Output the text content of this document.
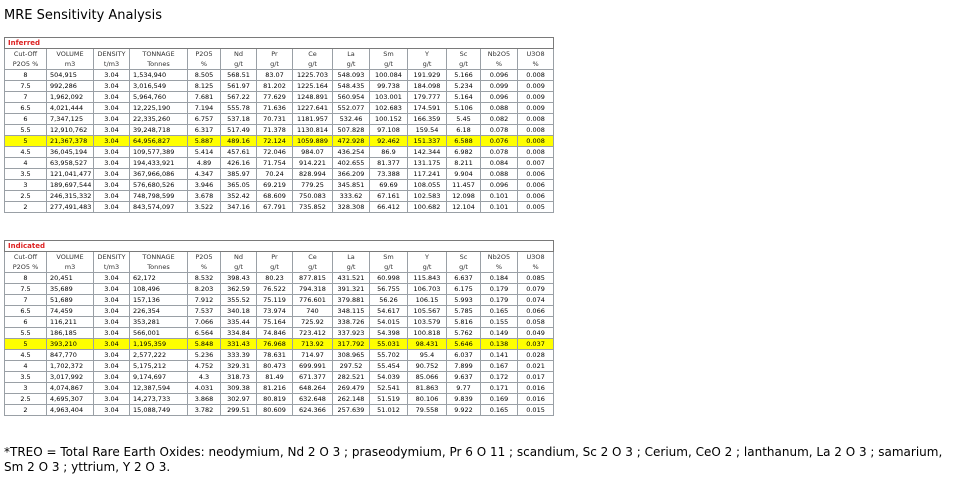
MRE Sensitivity Analysis
Inferred													
Cut-Off	VOLUME	DENSITY	TONNAGE	P2O5	Nd	Pr	Ce	La	Sm	Y	Sc	Nb2O5	U3O8
P2O5 %	m3	t/m3	Tonnes	%	g/t	g/t	g/t	g/t	g/t	g/t	g/t	%	%
8	504,915	3.04	1,534,940	8.505	568.51	83.07	1225.703	548.093	100.084	191.929	5.166	0.096	0.008
7.5	992,286	3.04	3,016,549	8.125	561.97	81.202	1225.164	548.435	99.738	184.098	5.234	0.099	0.009
7	1,962,092	3.04	5,964,760	7.681	567.22	77.629	1248.891	560.954	103.001	179.777	5.164	0.096	0.009
6.5	4,021,444	3.04	12,225,190	7.194	555.78	71.636	1227.641	552.077	102.683	174.591	5.106	0.088	0.009
6	7,347,125	3.04	22,335,260	6.757	537.18	70.731	1181.957	532.46	100.152	166.359	5.45	0.082	0.008
5.5	12,910,762	3.04	39,248,718	6.317	517.49	71.378	1130.814	507.828	97.108	159.54	6.18	0.078	0.008
5	21,367,378	3.04	64,956,827	5.887	489.16	72.124	1059.889	472.928	92.462	151.337	6.588	0.076	0.008
4.5	36,045,194	3.04	109,577,389	5.414	457.61	72.046	984.07	436.254	86.9	142.344	6.982	0.078	0.008
4	63,958,527	3.04	194,433,921	4.89	426.16	71.754	914.221	402.655	81.377	131.175	8.211	0.084	0.007
3.5	121,041,477	3.04	367,966,086	4.347	385.97	70.24	828.994	366.209	73.388	117.241	9.904	0.088	0.006
3	189,697,544	3.04	576,680,526	3.946	365.05	69.219	779.25	345.851	69.69	108.055	11.457	0.096	0.006
2.5	246,315,332	3.04	748,798,599	3.678	352.42	68.609	750.083	333.62	67.161	102.583	12.098	0.101	0.006
2	277,491,483	3.04	843,574,097	3.522	347.16	67.791	735.852	328.308	66.412	100.682	12.104	0.101	0.005
Indicated													
Cut-Off	VOLUME	DENSITY	TONNAGE	P2O5	Nd	Pr	Ce	La	Sm	Y	Sc	Nb2O5	U3O8
P2O5 %	m3	t/m3	Tonnes	%	g/t	g/t	g/t	g/t	g/t	g/t	g/t	%	%
8	20,451	3.04	62,172	8.532	398.43	80.23	877.815	431.521	60.998	115.843	6.637	0.184	0.085
7.5	35,689	3.04	108,496	8.203	362.59	76.522	794.318	391.321	56.755	106.703	6.175	0.179	0.079
7	51,689	3.04	157,136	7.912	355.52	75.119	776.601	379.881	56.26	106.15	5.993	0.179	0.074
6.5	74,459	3.04	226,354	7.537	340.18	73.974	740	348.115	54.617	105.567	5.785	0.165	0.066
6	116,211	3.04	353,281	7.066	335.44	75.164	725.92	338.726	54.015	103.579	5.816	0.155	0.058
5.5	186,185	3.04	566,001	6.564	334.84	74.846	723.412	337.923	54.398	100.818	5.762	0.149	0.049
5	393,210	3.04	1,195,359	5.848	331.43	76.968	713.92	317.792	55.031	98.431	5.646	0.138	0.037
4.5	847,770	3.04	2,577,222	5.236	333.39	78.631	714.97	308.965	55.702	95.4	6.037	0.141	0.028
4	1,702,372	3.04	5,175,212	4.752	329.31	80.473	699.991	297.52	55.454	90.752	7.899	0.167	0.021
3.5	3,017,992	3.04	9,174,697	4.3	318.73	81.49	671.377	282.521	54.039	85.066	9.637	0.172	0.017
3	4,074,867	3.04	12,387,594	4.031	309.38	81.216	648.264	269.479	52.541	81.863	9.77	0.171	0.016
2.5	4,695,307	3.04	14,273,733	3.868	302.97	80.819	632.648	262.148	51.519	80.106	9.839	0.169	0.016
2	4,963,404	3.04	15,088,749	3.782	299.51	80.609	624.366	257.639	51.012	79.558	9.922	0.165	0.015
*TREO = Total Rare Earth Oxides: neodymium, Nd 2 O 3 ; praseodymium, Pr 6 O 11 ; scandium, Sc 2 O 3 ; Cerium, CeO 2 ; lanthanum, La 2 O 3 ; samarium, Sm 2 O 3 ; yttrium, Y 2 O 3.
